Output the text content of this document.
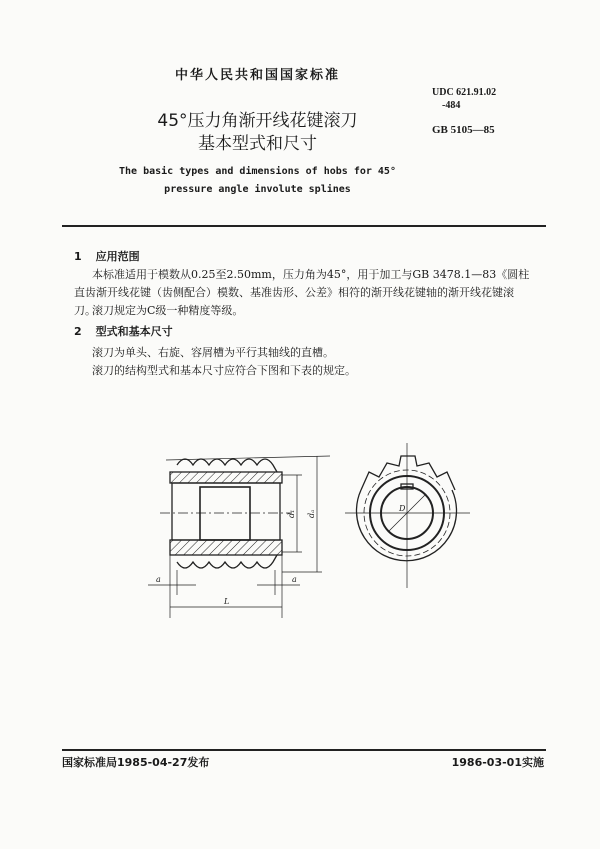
中华人民共和国国家标准
45°压力角渐开线花键滚刀
基本型式和尺寸
The basic types and dimensions of hobs for 45°
pressure angle involute splines
UDC 621.91.02
-484
GB 5105—85
1 应用范围
本标准适用于模数从0.25至2.50mm，压力角为45°，用于加工与GB 3478.1—83《圆柱直齿渐开线花键（齿侧配合）模数、基准齿形、公差》相符的渐开线花键轴的渐开线花键滚刀。
滚刀规定为C级一种精度等级。
2 型式和基本尺寸
滚刀为单头、右旋、容屑槽为平行其轴线的直槽。
滚刀的结构型式和基本尺寸应符合下图和下表的规定。
a	a
L
d₁ dₐ
D
国家标准局1985-04-27发布	1986-03-01实施
